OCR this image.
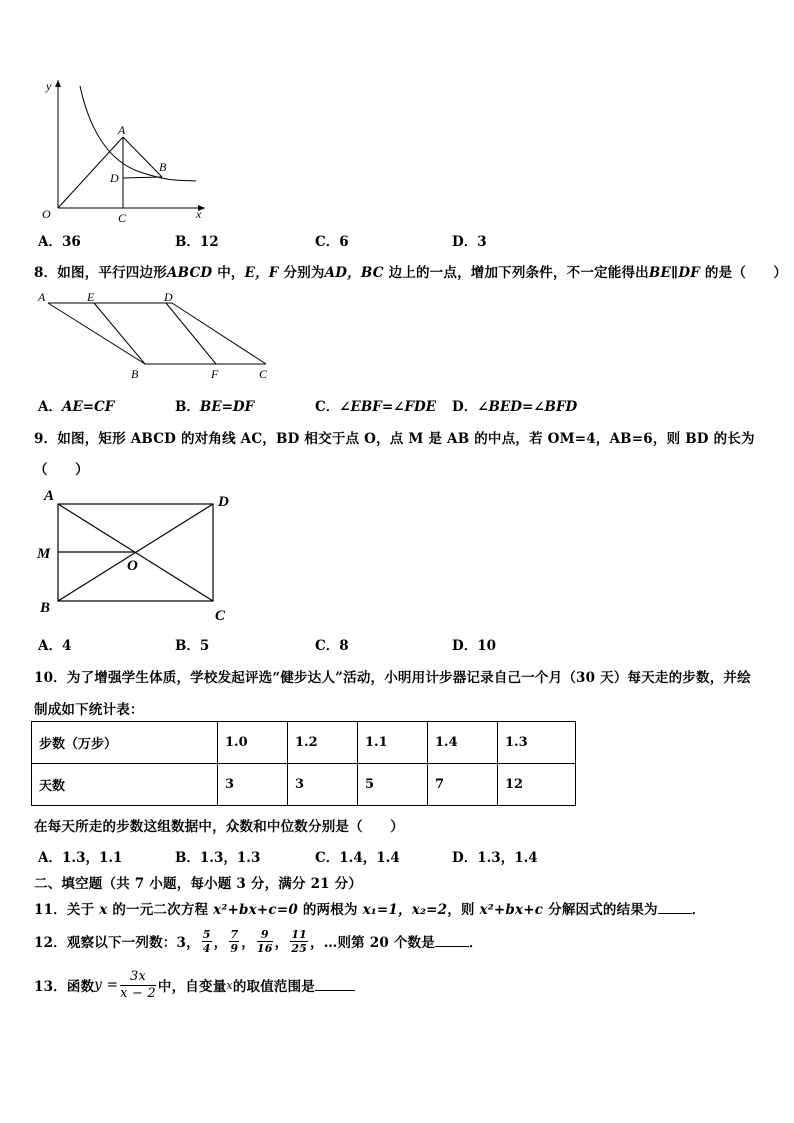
y
x
O
A
B
C
D
A．36	B．12	C．6	D．3
8．如图，平行四边形ABCD 中，E，F 分别为AD，BC 边上的一点，增加下列条件，不一定能得出BE∥DF 的是（　　）
A	E	D
B	F	C
A．AE=CF	B．BE=DF	C．∠EBF=∠FDE D．∠BED=∠BFD
9．如图，矩形 ABCD 的对角线 AC，BD 相交于点 O，点 M 是 AB 的中点，若 OM=4，AB=6，则 BD 的长为
（　　）
A	D
M
O
B	C
A．4	B．5	C．8	D．10
10．为了增强学生体质，学校发起评选“健步达人”活动，小明用计步器记录自己一个月（30 天）每天走的步数，并绘
制成如下统计表：
步数（万步）	1.0	1.2	1.1	1.4	1.3
天数	3	3	5	7	12
在每天所走的步数这组数据中，众数和中位数分别是（　　）
A．1.3，1.1	B．1.3，1.3	C．1.4，1.4	D．1.3，1.4
二、填空题（共 7 小题，每小题 3 分，满分 21 分）
11．关于 x 的一元二次方程 x²+bx+c=0 的两根为 x₁=1，x₂=2，则 x²+bx+c 分解因式的结果为	．
12．观察以下一列数：3， $\frac{5}{4}$ ， $\frac{7}{9}$ ， $\frac{9}{16}$ ， $\frac{11}{25}$ ，…则第 20 个数是	．
13．函数 $y = \frac{3x}{x - 2}$ 中，自变量 x 的取值范围是
